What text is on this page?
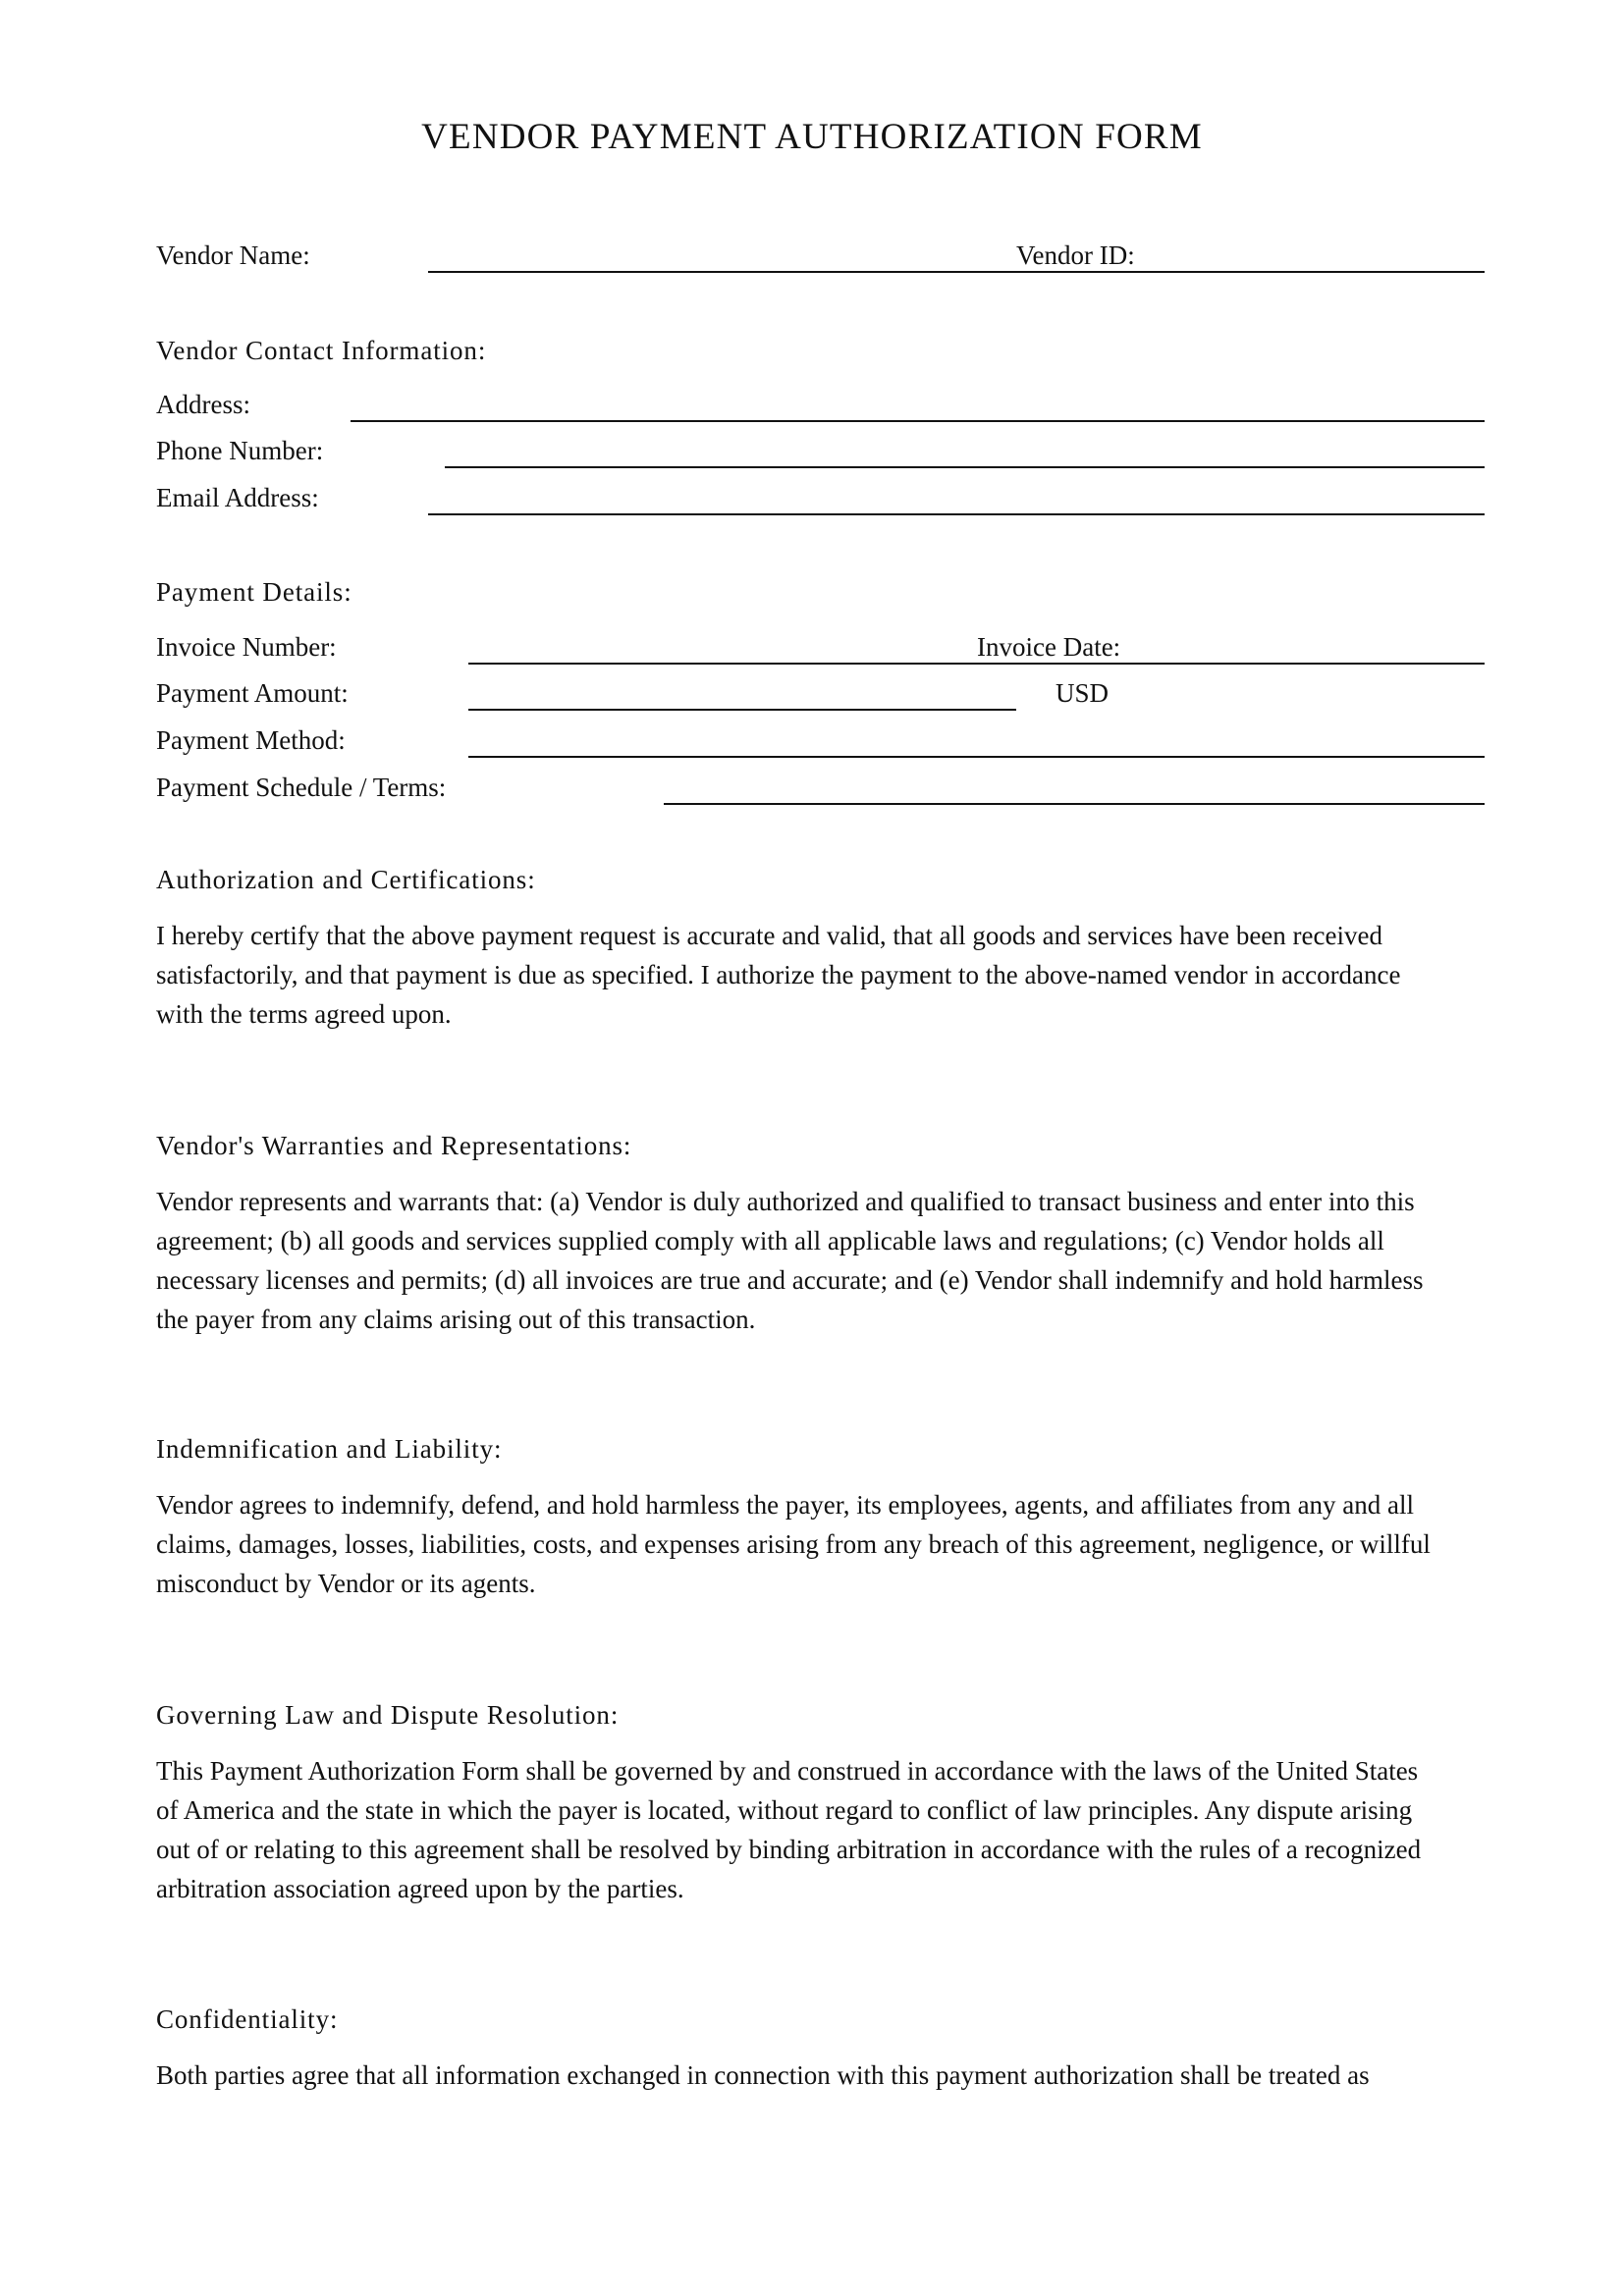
VENDOR PAYMENT AUTHORIZATION FORM
Vendor Name:	Vendor ID:
Vendor Contact Information:
Address:
Phone Number:
Email Address:
Payment Details:
Invoice Number:	Invoice Date:
Payment Amount:	USD
Payment Method:
Payment Schedule / Terms:
Authorization and Certifications:
I hereby certify that the above payment request is accurate and valid, that all goods and services have been received
satisfactorily, and that payment is due as specified. I authorize the payment to the above-named vendor in accordance
with the terms agreed upon.
Vendor's Warranties and Representations:
Vendor represents and warrants that: (a) Vendor is duly authorized and qualified to transact business and enter into this
agreement; (b) all goods and services supplied comply with all applicable laws and regulations; (c) Vendor holds all
necessary licenses and permits; (d) all invoices are true and accurate; and (e) Vendor shall indemnify and hold harmless
the payer from any claims arising out of this transaction.
Indemnification and Liability:
Vendor agrees to indemnify, defend, and hold harmless the payer, its employees, agents, and affiliates from any and all
claims, damages, losses, liabilities, costs, and expenses arising from any breach of this agreement, negligence, or willful
misconduct by Vendor or its agents.
Governing Law and Dispute Resolution:
This Payment Authorization Form shall be governed by and construed in accordance with the laws of the United States
of America and the state in which the payer is located, without regard to conflict of law principles. Any dispute arising
out of or relating to this agreement shall be resolved by binding arbitration in accordance with the rules of a recognized
arbitration association agreed upon by the parties.
Confidentiality:
Both parties agree that all information exchanged in connection with this payment authorization shall be treated as
